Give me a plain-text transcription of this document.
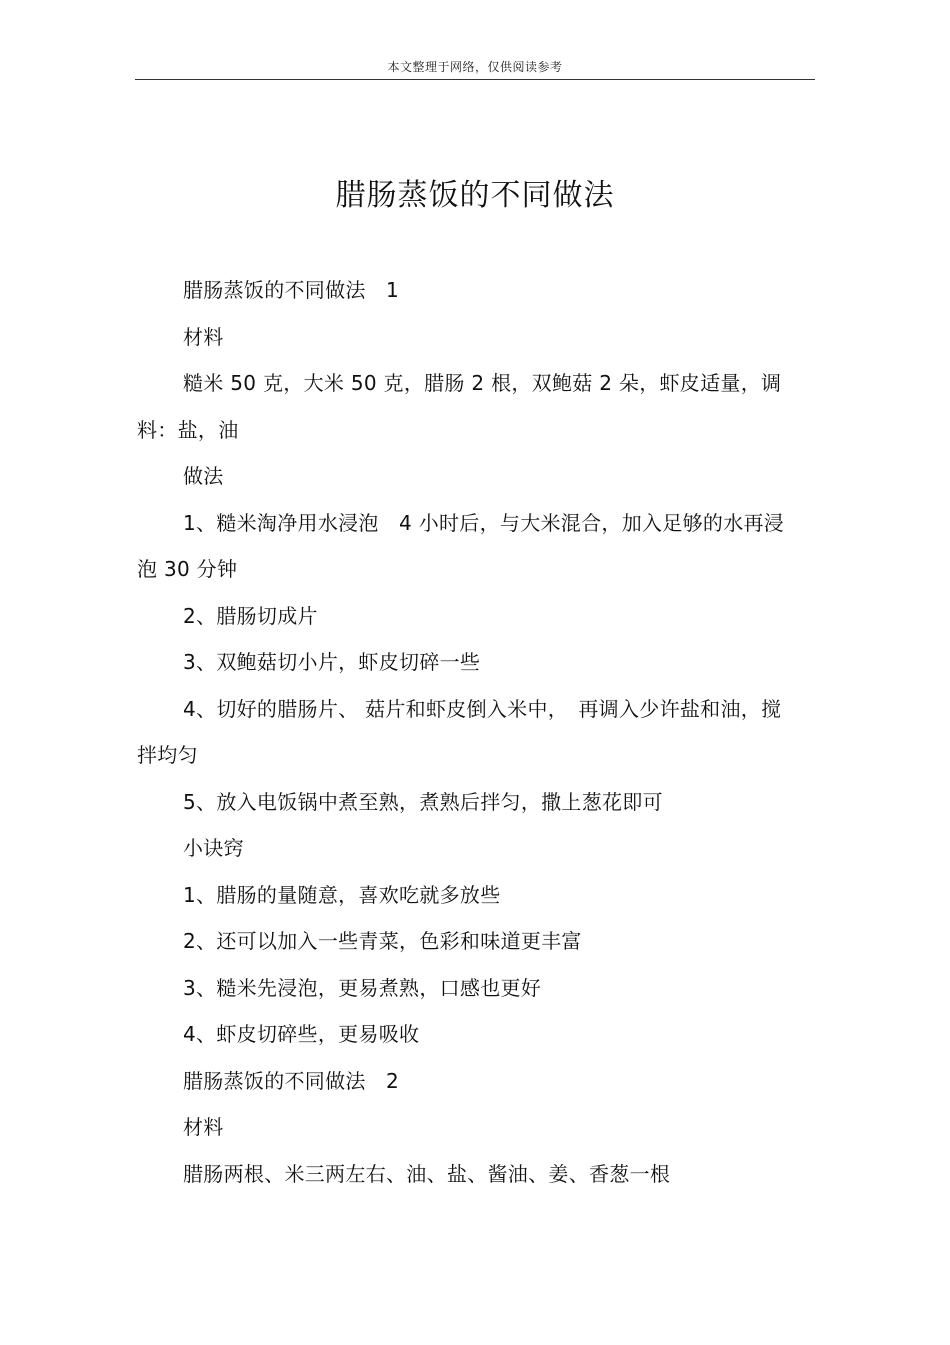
本文整理于网络，仅供阅读参考
腊肠蒸饭的不同做法

腊肠蒸饭的不同做法　1

材料

糙米 50 克，大米 50 克，腊肠 2 根，双鲍菇 2 朵，虾皮适量，调料：盐，油

做法

1、糙米淘净用水浸泡　4 小时后，与大米混合，加入足够的水再浸泡 30 分钟

2、腊肠切成片

3、双鲍菇切小片，虾皮切碎一些

4、切好的腊肠片、 菇片和虾皮倒入米中，　再调入少许盐和油，搅拌均匀

5、放入电饭锅中煮至熟，煮熟后拌匀，撒上葱花即可

小诀窍

1、腊肠的量随意，喜欢吃就多放些

2、还可以加入一些青菜，色彩和味道更丰富

3、糙米先浸泡，更易煮熟，口感也更好

4、虾皮切碎些，更易吸收

腊肠蒸饭的不同做法　2

材料

腊肠两根、米三两左右、油、盐、酱油、姜、香葱一根
